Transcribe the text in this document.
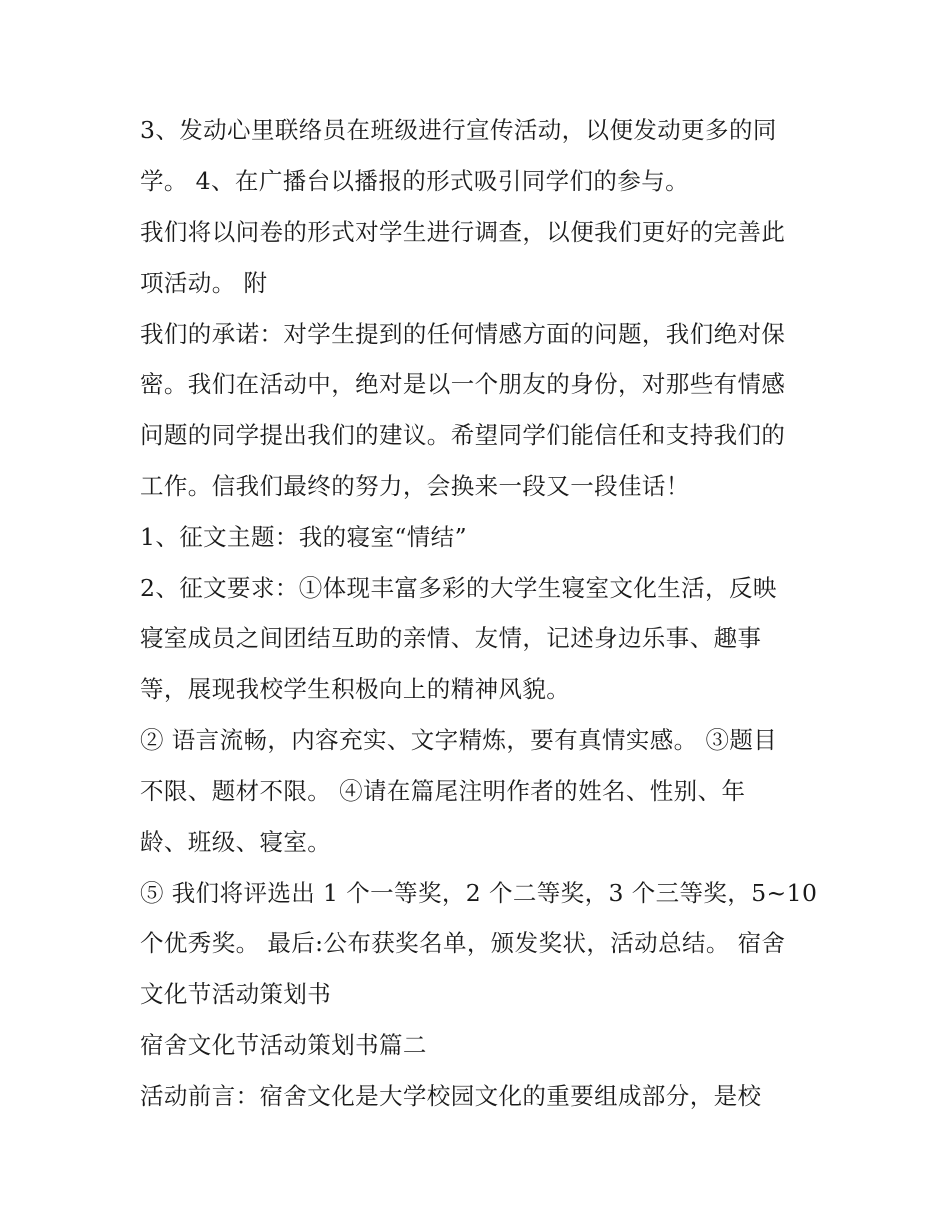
3、发动心里联络员在班级进行宣传活动，以便发动更多的同
学。 4、在广播台以播报的形式吸引同学们的参与。
我们将以问卷的形式对学生进行调查，以便我们更好的完善此
项活动。 附
我们的承诺：对学生提到的任何情感方面的问题，我们绝对保
密。我们在活动中，绝对是以一个朋友的身份，对那些有情感
问题的同学提出我们的建议。希望同学们能信任和支持我们的
工作。信我们最终的努力，会换来一段又一段佳话！
1、征文主题：我的寝室“情结”
2、征文要求：①体现丰富多彩的大学生寝室文化生活，反映
寝室成员之间团结互助的亲情、友情，记述身边乐事、趣事
等，展现我校学生积极向上的精神风貌。
② 语言流畅，内容充实、文字精炼，要有真情实感。 ③题目
不限、题材不限。 ④请在篇尾注明作者的姓名、性别、年
龄、班级、寝室。
⑤ 我们将评选出 1 个一等奖，2 个二等奖，3 个三等奖，5~10
个优秀奖。 最后:公布获奖名单，颁发奖状，活动总结。 宿舍
文化节活动策划书
宿舍文化节活动策划书篇二
活动前言：宿舍文化是大学校园文化的重要组成部分，是校
